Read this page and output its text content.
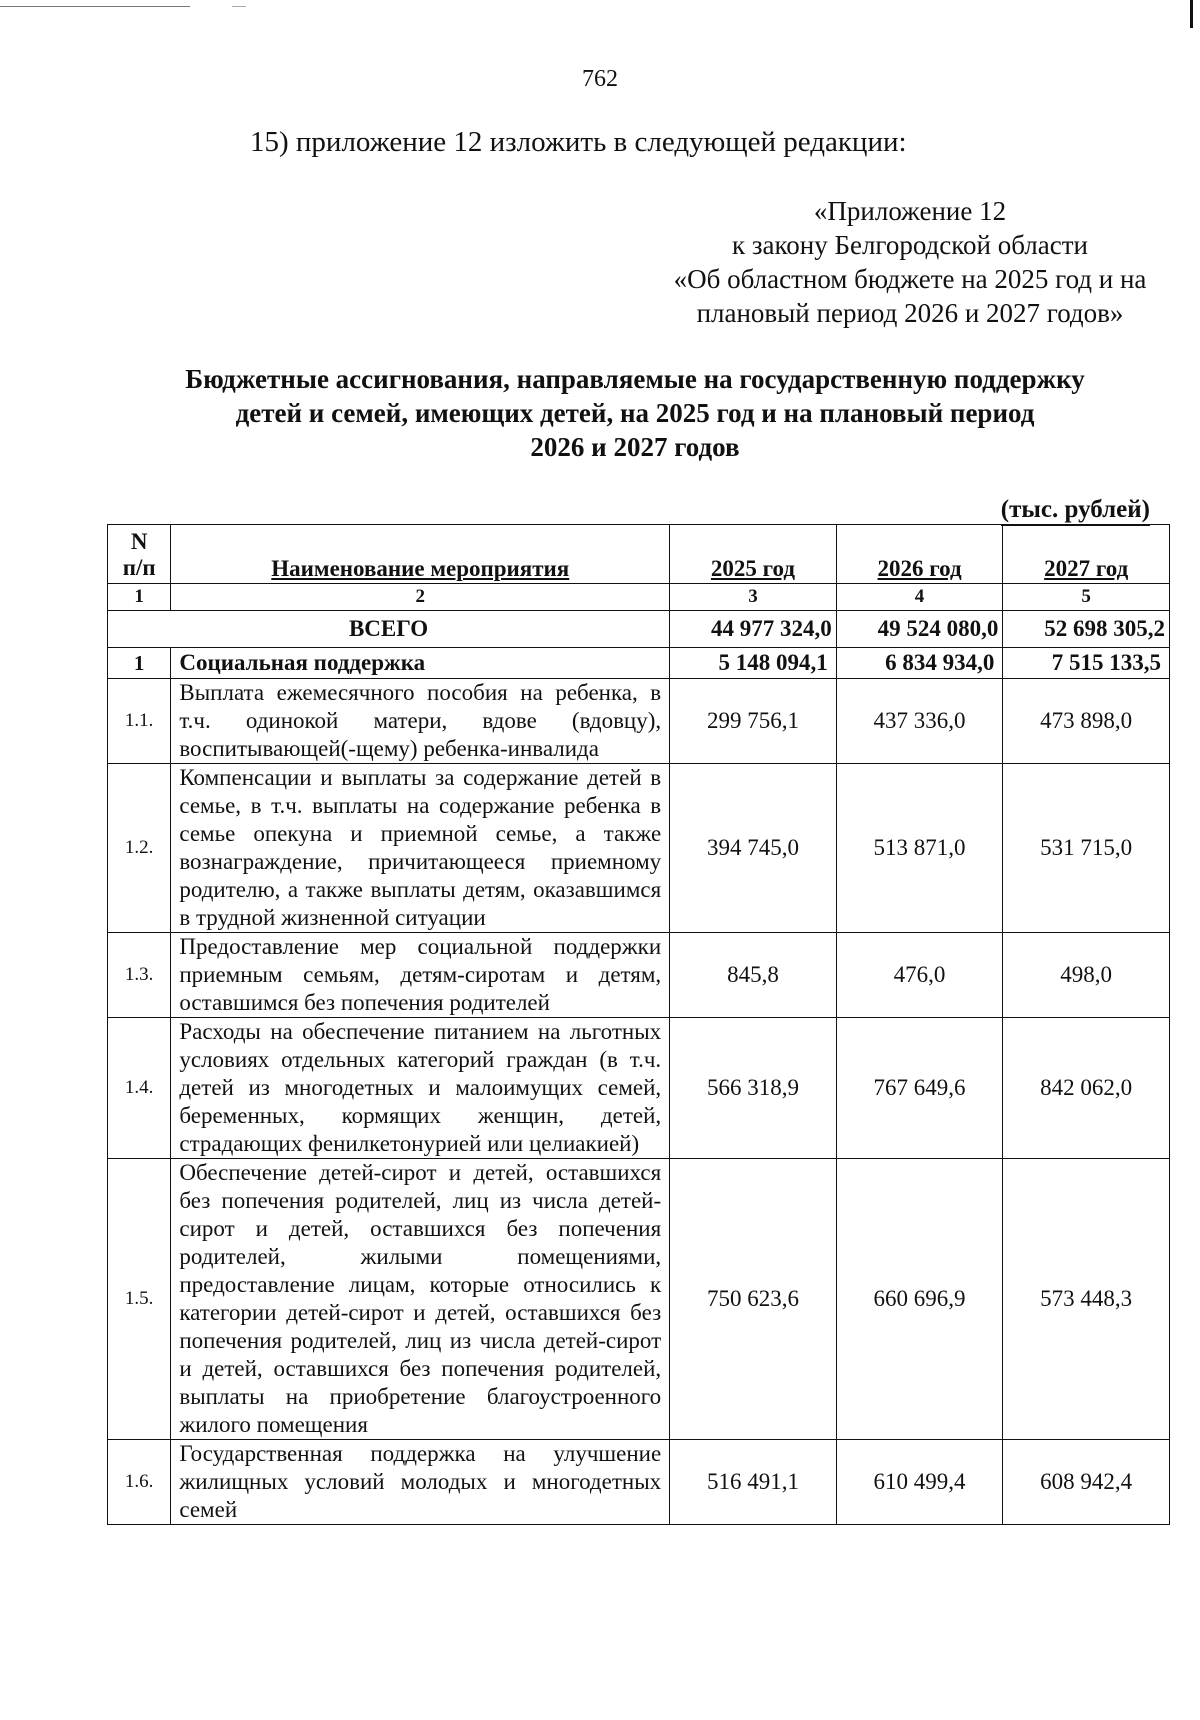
762
15) приложение 12 изложить в следующей редакции:
«Приложение 12
к закону Белгородской области
«Об областном бюджете на 2025 год и на
плановый период 2026 и 2027 годов»
Бюджетные ассигнования, направляемые на государственную поддержку
детей и семей, имеющих детей, на 2025 год и на плановый период
2026 и 2027 годов
(тыс. рублей)
N
п/п	Наименование мероприятия	2025 год	2026 год	2027 год
1	2	3	4	5
ВСЕГО		44 977 324,0	49 524 080,0	52 698 305,2
1	Социальная поддержка	5 148 094,1	6 834 934,0	7 515 133,5
1.1.	Выплата ежемесячного пособия на ребенка, в т.ч. одинокой матери, вдове (вдовцу), воспитывающей(-щему) ребенка-инвалида	299 756,1	437 336,0	473 898,0
1.2.	Компенсации и выплаты за содержание детей в семье, в т.ч. выплаты на содержание ребенка в семье опекуна и приемной семье, а также вознаграждение, причитающееся приемному родителю, а также выплаты детям, оказавшимся в трудной жизненной ситуации	394 745,0	513 871,0	531 715,0
1.3.	Предоставление мер социальной поддержки приемным семьям, детям-сиротам и детям, оставшимся без попечения родителей	845,8	476,0	498,0
1.4.	Расходы на обеспечение питанием на льготных условиях отдельных категорий граждан (в т.ч. детей из многодетных и малоимущих семей, беременных, кормящих женщин, детей, страдающих фенилкетонурией или целиакией)	566 318,9	767 649,6	842 062,0
1.5.	Обеспечение детей-сирот и детей, оставшихся без попечения родителей, лиц из числа детей-сирот и детей, оставшихся без попечения родителей, жилыми помещениями, предоставление лицам, которые относились к категории детей-сирот и детей, оставшихся без попечения родителей, лиц из числа детей-сирот и детей, оставшихся без попечения родителей, выплаты на приобретение благоустроенного жилого помещения	750 623,6	660 696,9	573 448,3
1.6.	Государственная поддержка на улучшение жилищных условий молодых и многодетных семей	516 491,1	610 499,4	608 942,4
